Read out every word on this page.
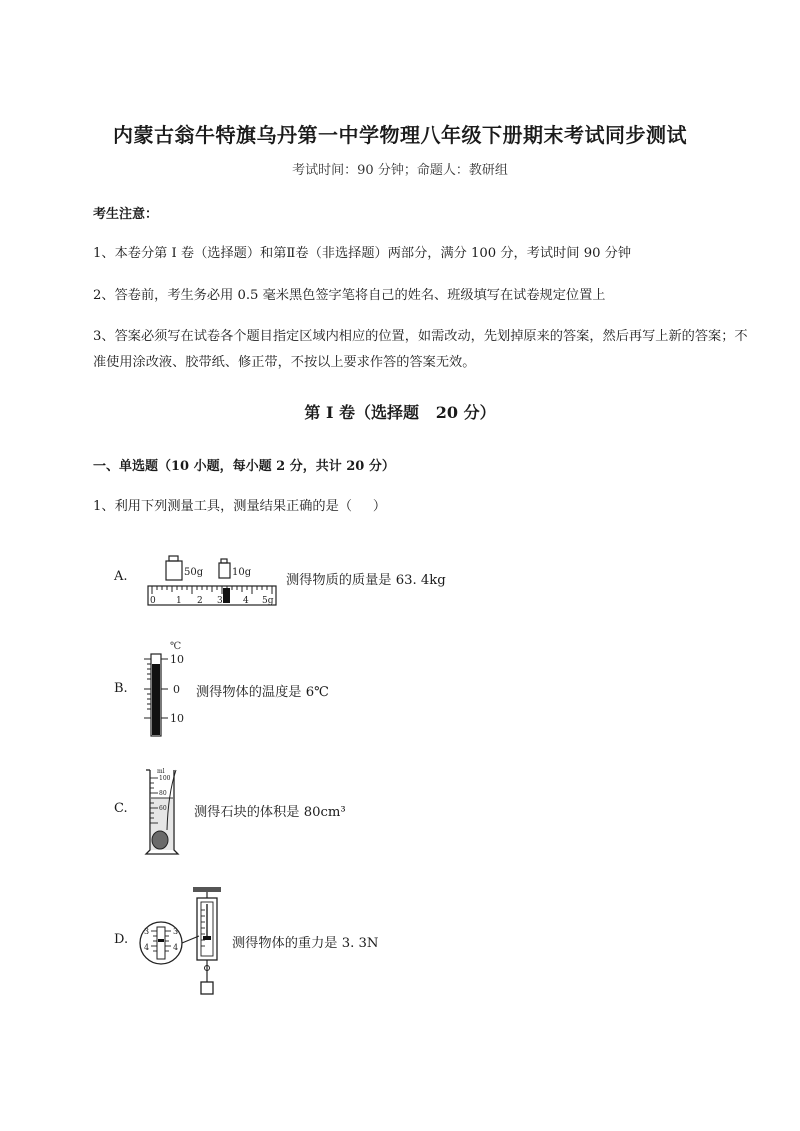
内蒙古翁牛特旗乌丹第一中学物理八年级下册期末考试同步测试
考试时间：90 分钟；命题人：教研组
考生注意：
1、本卷分第 I 卷（选择题）和第Ⅱ卷（非选择题）两部分，满分 100 分，考试时间 90 分钟
2、答卷前，考生务必用 0.5 毫米黑色签字笔将自己的姓名、班级填写在试卷规定位置上
3、答案必须写在试卷各个题目指定区域内相应的位置，如需改动，先划掉原来的答案，然后再写上新的答案；不准使用涂改液、胶带纸、修正带，不按以上要求作答的答案无效。
第 I 卷（选择题   20 分）
一、单选题（10 小题，每小题 2 分，共计 20 分）
1、利用下列测量工具，测量结果正确的是（     ）
A.	50g	10g
0 1 2 3 4 5g
测得物质的质量是 63. 4kg
B.
℃
10
0
10
测得物体的温度是 6℃
C.
ml
100
80
60 测得石块的体积是 80cm³
D.
3	3
4	4	测得物体的重力是 3. 3N
